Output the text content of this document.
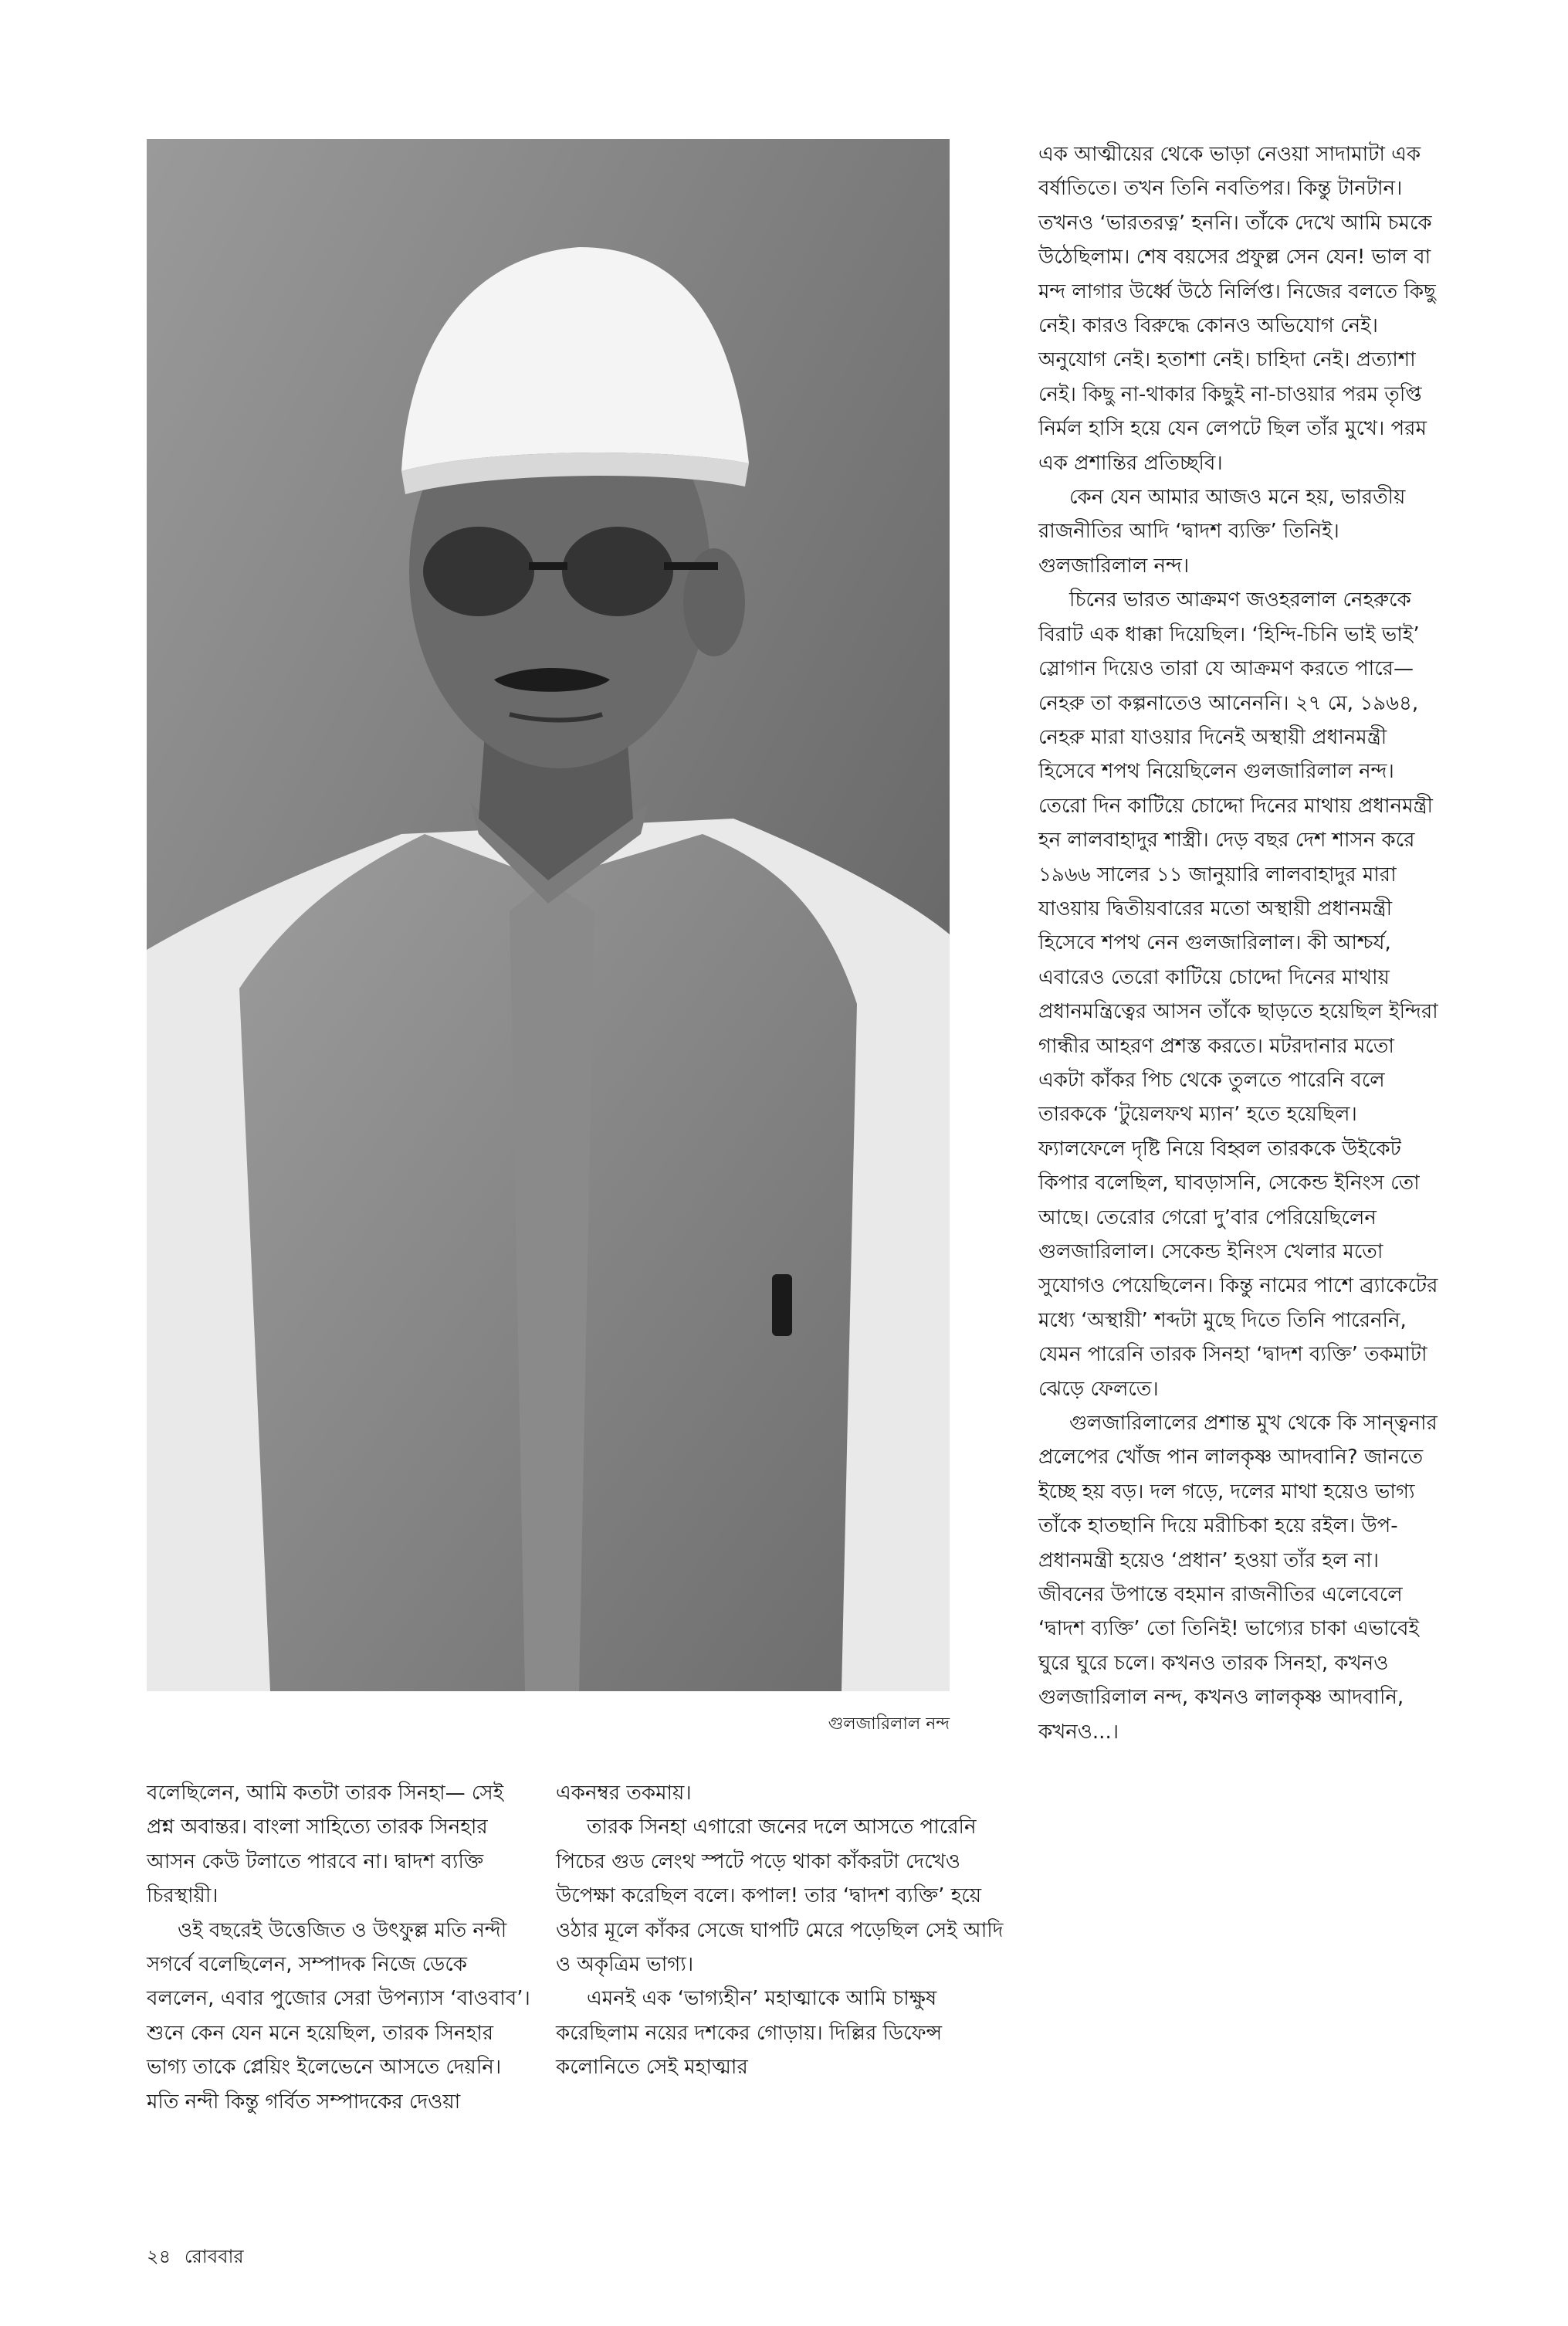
গুলজারিলাল নন্দ

এক আত্মীয়ের থেকে ভাড়া নেওয়া সাদামাটা এক বর্ষাতিতে। তখন তিনি নবতিপর। কিন্তু টানটান। তখনও ‘ভারতরত্ন’ হননি। তাঁকে দেখে আমি চমকে উঠেছিলাম। শেষ বয়সের প্রফুল্ল সেন যেন! ভাল বা মন্দ লাগার উর্ধ্বে উঠে নির্লিপ্ত। নিজের বলতে কিছু নেই। কারও বিরুদ্ধে কোনও অভিযোগ নেই। অনুযোগ নেই। হতাশা নেই। চাহিদা নেই। প্রত্যাশা নেই। কিছু না-থাকার কিছুই না-চাওয়ার পরম তৃপ্তি নির্মল হাসি হয়ে যেন লেপটে ছিল তাঁর মুখে। পরম এক প্রশান্তির প্রতিচ্ছবি।

কেন যেন আমার আজও মনে হয়, ভারতীয় রাজনীতির আদি ‘দ্বাদশ ব্যক্তি’ তিনিই। গুলজারিলাল নন্দ।

চিনের ভারত আক্রমণ জওহরলাল নেহরুকে বিরাট এক ধাক্কা দিয়েছিল। ‘হিন্দি-চিনি ভাই ভাই’ স্লোগান দিয়েও তারা যে আক্রমণ করতে পারে— নেহরু তা কল্পনাতেও আনেননি। ২৭ মে, ১৯৬৪, নেহরু মারা যাওয়ার দিনেই অস্থায়ী প্রধানমন্ত্রী হিসেবে শপথ নিয়েছিলেন গুলজারিলাল নন্দ। তেরো দিন কাটিয়ে চোদ্দো দিনের মাথায় প্রধানমন্ত্রী হন লালবাহাদুর শাস্ত্রী। দেড় বছর দেশ শাসন করে ১৯৬৬ সালের ১১ জানুয়ারি লালবাহাদুর মারা যাওয়ায় দ্বিতীয়বারের মতো অস্থায়ী প্রধানমন্ত্রী হিসেবে শপথ নেন গুলজারিলাল। কী আশ্চর্য, এবারেও তেরো কাটিয়ে চোদ্দো দিনের মাথায় প্রধানমন্ত্রিত্বের আসন তাঁকে ছাড়তে হয়েছিল ইন্দিরা গান্ধীর আহরণ প্রশস্ত করতে। মটরদানার মতো একটা কাঁকর পিচ থেকে তুলতে পারেনি বলে তারককে ‘টুয়েলফথ ম্যান’ হতে হয়েছিল। ফ্যালফেলে দৃষ্টি নিয়ে বিহ্বল তারককে উইকেট কিপার বলেছিল, ঘাবড়াসনি, সেকেন্ড ইনিংস তো আছে। তেরোর গেরো দু’বার পেরিয়েছিলেন গুলজারিলাল। সেকেন্ড ইনিংস খেলার মতো সুযোগও পেয়েছিলেন। কিন্তু নামের পাশে ব্র্যাকেটের মধ্যে ‘অস্থায়ী’ শব্দটা মুছে দিতে তিনি পারেননি, যেমন পারেনি তারক সিনহা ‘দ্বাদশ ব্যক্তি’ তকমাটা ঝেড়ে ফেলতে।

গুলজারিলালের প্রশান্ত মুখ থেকে কি সান্ত্বনার প্রলেপের খোঁজ পান লালকৃষ্ণ আদবানি? জানতে ইচ্ছে হয় বড়। দল গড়ে, দলের মাথা হয়েও ভাগ্য তাঁকে হাতছানি দিয়ে মরীচিকা হয়ে রইল। উপ-প্রধানমন্ত্রী হয়েও ‘প্রধান’ হওয়া তাঁর হল না। জীবনের উপান্তে বহমান রাজনীতির এলেবেলে ‘দ্বাদশ ব্যক্তি’ তো তিনিই! ভাগ্যের চাকা এভাবেই ঘুরে ঘুরে চলে। কখনও তারক সিনহা, কখনও গুলজারিলাল নন্দ, কখনও লালকৃষ্ণ আদবানি, কখনও...।

বলেছিলেন, আমি কতটা তারক সিনহা— সেই প্রশ্ন অবান্তর। বাংলা সাহিত্যে তারক সিনহার আসন কেউ টলাতে পারবে না। দ্বাদশ ব্যক্তি চিরস্থায়ী।

ওই বছরেই উত্তেজিত ও উৎফুল্ল মতি নন্দী সগর্বে বলেছিলেন, সম্পাদক নিজে ডেকে বললেন, এবার পুজোর সেরা উপন্যাস ‘বাওবাব’। শুনে কেন যেন মনে হয়েছিল, তারক সিনহার ভাগ্য তাকে প্লেয়িং ইলেভেনে আসতে দেয়নি। মতি নন্দী কিন্তু গর্বিত সম্পাদকের দেওয়া

একনম্বর তকমায়।

তারক সিনহা এগারো জনের দলে আসতে পারেনি পিচের গুড লেংথ স্পটে পড়ে থাকা কাঁকরটা দেখেও উপেক্ষা করেছিল বলে। কপাল! তার ‘দ্বাদশ ব্যক্তি’ হয়ে ওঠার মূলে কাঁকর সেজে ঘাপটি মেরে পড়েছিল সেই আদি ও অকৃত্রিম ভাগ্য।

এমনই এক ‘ভাগ্যহীন’ মহাত্মাকে আমি চাক্ষুষ করেছিলাম নয়ের দশকের গোড়ায়। দিল্লির ডিফেন্স কলোনিতে সেই মহাত্মার

২৪ রোববার
